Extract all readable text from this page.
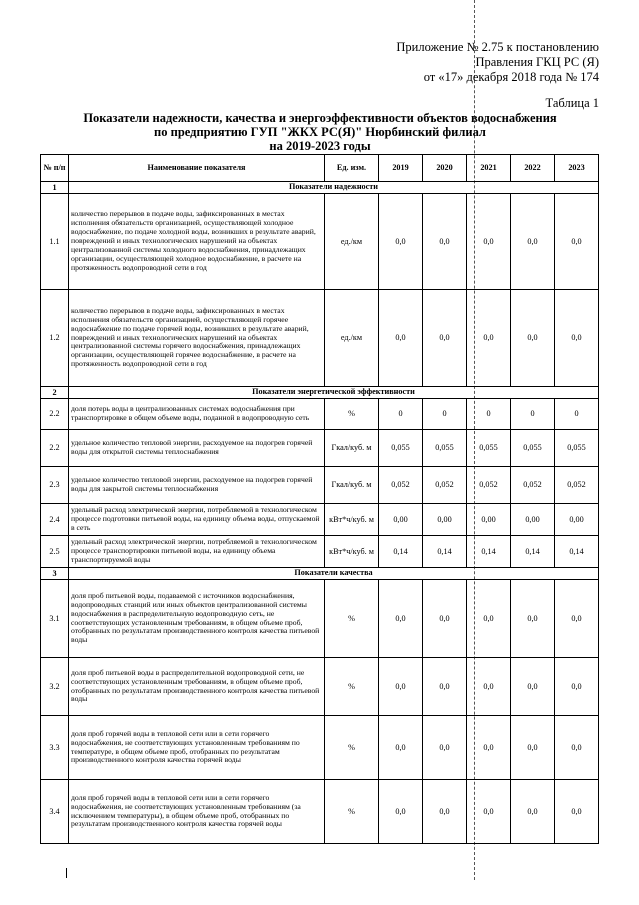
Приложение № 2.75 к постановлению
Правления ГКЦ РС (Я)
от «17» декабря 2018 года № 174
Таблица 1
Показатели надежности, качества и энергоэффективности объектов водоснабжения
по предприятию ГУП "ЖКХ РС(Я)" Нюрбинский филиал
на 2019-2023 годы
№ п/п	Наименование показателя	Ед. изм.	2019	2020	2021	2022	2023
1	Показатели надежности						
1.1	количество перерывов в подаче воды, зафиксированных в местах исполнения обязательств организацией, осуществляющей холодное водоснабжение, по подаче холодной воды, возникших в результате аварий, повреждений и иных технологических нарушений на объектах централизованной системы холодного водоснабжения, принадлежащих организации, осуществляющей холодное водоснабжение, в расчете на протяженность водопроводной сети в год	ед./км	0,0	0,0	0,0	0,0	0,0
1.2	количество перерывов в подаче воды, зафиксированных в местах исполнения обязательств организацией, осуществляющей горячее водоснабжение по подаче горячей воды, возникших в результате аварий, повреждений и иных технологических нарушений на объектах централизованной системы горячего водоснабжения, принадлежащих организации, осуществляющей горячее водоснабжение, в расчете на протяженность водопроводной сети в год	ед./км	0,0	0,0	0,0	0,0	0,0
2	Показатели энергетической эффективности						
2.2	доля потерь воды в централизованных системах водоснабжения при транспортировке в общем объеме воды, поданной в водопроводную сеть	%	0	0	0	0	0
2.2	удельное количество тепловой энергии, расходуемое на подогрев горячей воды для открытой системы теплоснабжения	Гкал/куб. м	0,055	0,055	0,055	0,055	0,055
2.3	удельное количество тепловой энергии, расходуемое на подогрев горячей воды для закрытой системы теплоснабжения	Гкал/куб. м	0,052	0,052	0,052	0,052	0,052
2.4	удельный расход электрической энергии, потребляемой в технологическом процессе подготовки питьевой воды, на единицу объема воды, отпускаемой в сеть	кВт*ч/куб. м	0,00	0,00	0,00	0,00	0,00
2.5	удельный расход электрической энергии, потребляемой в технологическом процессе транспортировки питьевой воды, на единицу объема транспортируемой воды	кВт*ч/куб. м	0,14	0,14	0,14	0,14	0,14
3	Показатели качества						
3.1	доля проб питьевой воды, подаваемой с источников водоснабжения, водопроводных станций или иных объектов централизованной системы водоснабжения в распределительную водопроводную сеть, не соответствующих установленным требованиям, в общем объеме проб, отобранных по результатам производственного контроля качества питьевой воды	%	0,0	0,0	0,0	0,0	0,0
3.2	доля проб питьевой воды в распределительной водопроводной сети, не соответствующих установленным требованиям, в общем объеме проб, отобранных по результатам производственного контроля качества питьевой воды	%	0,0	0,0	0,0	0,0	0,0
3.3	доля проб горячей воды в тепловой сети или в сети горячего водоснабжения, не соответствующих установленным требованиям по температуре, в общем объеме проб, отобранных по результатам производственного контроля качества горячей воды	%	0,0	0,0	0,0	0,0	0,0
3.4	доля проб горячей воды в тепловой сети или в сети горячего водоснабжения, не соответствующих установленным требованиям (за исключением температуры), в общем объеме проб, отобранных по результатам производственного контроля качества горячей воды	%	0,0	0,0	0,0	0,0	0,0
